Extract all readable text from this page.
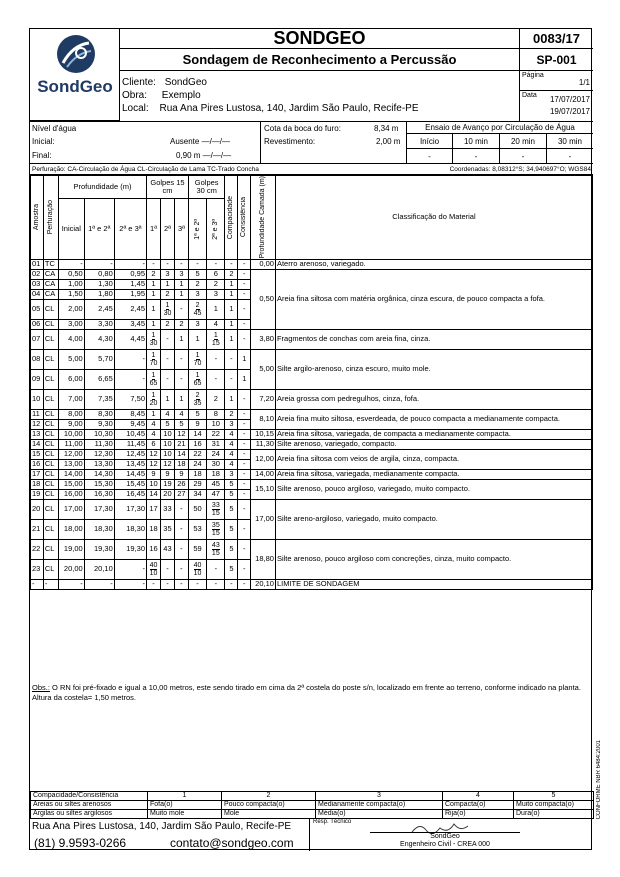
SondGeo
SONDGEO
Sondagem de Reconhecimento a Percussão
0083/17
SP-001
Cliente: SondGeo
Obra: Exemplo
Local: Rua Ana Pires Lustosa, 140, Jardim São Paulo, Recife-PE
Página
1/1
Data 17/07/2017
19/07/2017
Nível d'água
Inicial:	Ausente —/—/—
Final:	0,90 m —/—/—
Cota da boca do furo:	8,34 m
Revestimento:	2,00 m
Ensaio de Avanço por Circulação de Água
Início	10 min	20 min	30 min
-	-	-	-
Perfuração: CA-Circulação de Água CL-Circulação de Lama TC-Trado Concha	Coordenadas: 8,08312°S; 34,940697°O; WGS84
Amostra	Perfuração	Profundidade (m)			Golpes 15 cm			Golpes 30 cm		Compacidade	Consistência	Profundidade Camada (m)	Classificação do Material
		Inicial	1ª e 2ª	2ª e 3ª	1ª	2ª	3ª	1ª e 2ª	2ª e 3ª				

01	TC	-	-	-	-	-	-	-	-	-	-	0,00	Aterro arenoso, variegado.
02	CA	0,50	0,80	0,95	2	3	3	5	6	2	-	0,50	Areia fina siltosa com matéria orgânica, cinza escura, de pouco compacta a fofa.
03	CA	1,00	1,30	1,45	1	1	1	2	2	1	-		
04	CA	1,50	1,80	1,95	1	2	1	3	3	1	-		
05	CL	2,00	2,45	2,45	1	$\frac{1}{30}$	-	$\frac{2}{45}$	1	1	-		
06	CL	3,00	3,30	3,45	1	2	2	3	4	1	-		
07	CL	4,00	4,30	4,45	$\frac{1}{30}$	-	1	1	$\frac{1}{15}$	1	-	3,80	Fragmentos de conchas com areia fina, cinza.
08	CL	5,00	5,70	-	$\frac{1}{70}$	-	-	$\frac{1}{70}$	-	-	1	5,00	Silte argilo-arenoso, cinza escuro, muito mole.
09	CL	6,00	6,65	-	$\frac{1}{65}$	-	-	$\frac{1}{65}$	-	-	1		
10	CL	7,00	7,35	7,50	$\frac{1}{20}$	1	1	$\frac{2}{35}$	2	1	-	7,20	Areia grossa com pedregulhos, cinza, fofa.
11	CL	8,00	8,30	8,45	1	4	4	5	8	2	-	8,10	Areia fina muito siltosa, esverdeada, de pouco compacta a medianamente compacta.
12	CL	9,00	9,30	9,45	4	5	5	9	10	3	-		
13	CL	10,00	10,30	10,45	4	10	12	14	22	4	-	10,15	Areia fina siltosa, variegada, de compacta a medianamente compacta.
14	CL	11,00	11,30	11,45	6	10	21	16	31	4	-	11,30	Silte arenoso, variegado, compacto.
15	CL	12,00	12,30	12,45	12	10	14	22	24	4	-	12,00	Areia fina siltosa com veios de argila, cinza, compacta.
16	CL	13,00	13,30	13,45	12	12	18	24	30	4	-		
17	CL	14,00	14,30	14,45	9	9	9	18	18	3	-	14,00	Areia fina siltosa, variegada, medianamente compacta.
18	CL	15,00	15,30	15,45	10	19	26	29	45	5	-	15,10	Silte arenoso, pouco argiloso, variegado, muito compacto.
19	CL	16,00	16,30	16,45	14	20	27	34	47	5	-		
20	CL	17,00	17,30	17,30	17	33	-	50	$\frac{33}{15}$	5	-	17,00	Silte areno-argiloso, variegado, muito compacto.
21	CL	18,00	18,30	18,30	18	35	-	53	$\frac{35}{15}$	5	-		
22	CL	19,00	19,30	19,30	16	43	-	59	$\frac{43}{15}$	5	-	18,80	Silte arenoso, pouco argiloso com concreções, cinza, muito compacto.
23	CL	20,00	20,10	-	$\frac{40}{10}$	-	-	$\frac{40}{10}$	-	5	-		
-	-	-	-	-	-	-	-	-	-	-	-	20,10	LIMITE DE SONDAGEM
Obs.: O RN foi pré-fixado e igual a 10,00 metros, este sendo tirado em cima da 2ª costela do poste s/n, localizado em frente ao terreno, conforme indicado na planta. Altura da costela= 1,50 metros.
Compacidade/Consistência	1	2	3	4	5
Areias ou siltes arenosos	Fofa(o)	Pouco compacta(o)	Medianamente compacta(o)	Compacta(o)	Muito compacta(o)
Argilas ou siltes argilosos	Muito mole	Mole	Média(o)	Rija(o)	Dura(o)
Rua Ana Pires Lustosa, 140, Jardim São Paulo, Recife-PE
(81) 9.9593-0266	contato@sondgeo.com
Resp. Técnico
SondGeo
Engenheiro Civil - CREA 000
CONFORME NBR 6484:2001
